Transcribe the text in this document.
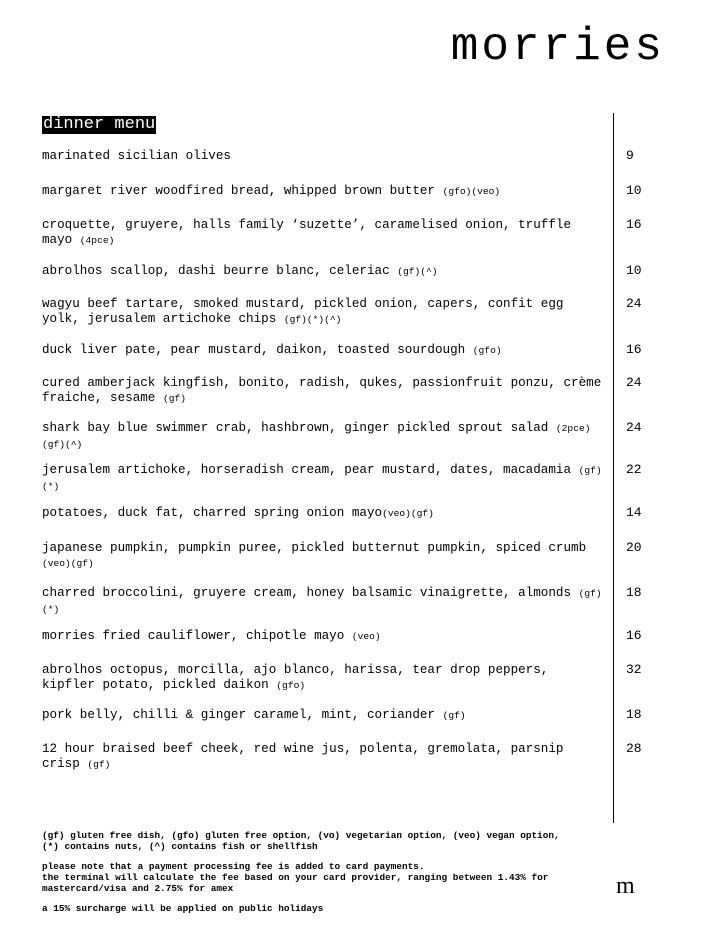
morries
dinner menu
marinated sicilian olives	9
margaret river woodfired bread, whipped brown butter (gfo)(veo)	10
croquette, gruyere, halls family ‘suzette’, caramelised onion, truffle mayo (4pce)
16
abrolhos scallop, dashi beurre blanc, celeriac (gf)(^)	10
wagyu beef tartare, smoked mustard, pickled onion, capers, confit egg yolk, jerusalem artichoke chips (gf)(*)(^)
24
duck liver pate, pear mustard, daikon, toasted sourdough (gfo)	16
cured amberjack kingfish, bonito, radish, qukes, passionfruit ponzu, crème fraiche, sesame (gf)
24
shark bay blue swimmer crab, hashbrown, ginger pickled sprout salad (2pce)(gf)(^)
24
jerusalem artichoke, horseradish cream, pear mustard, dates, macadamia (gf)(*)
22
potatoes, duck fat, charred spring onion mayo(veo)(gf)	14
japanese pumpkin, pumpkin puree, pickled butternut pumpkin, spiced crumb (veo)(gf)
20
charred broccolini, gruyere cream, honey balsamic vinaigrette, almonds (gf)(*)
18
morries fried cauliflower, chipotle mayo (veo)	16
abrolhos octopus, morcilla, ajo blanco, harissa, tear drop peppers, kipfler potato, pickled daikon (gfo)
32
pork belly, chilli & ginger caramel, mint, coriander (gf)	18
12 hour braised beef cheek, red wine jus, polenta, gremolata, parsnip crisp (gf)
28
(gf) gluten free dish, (gfo) gluten free option, (vo) vegetarian option, (veo) vegan option,
(*) contains nuts, (^) contains fish or shellfish
please note that a payment processing fee is added to card payments.
the terminal will calculate the fee based on your card provider, ranging between 1.43% for
mastercard/visa and 2.75% for amex
a 15% surcharge will be applied on public holidays
m
